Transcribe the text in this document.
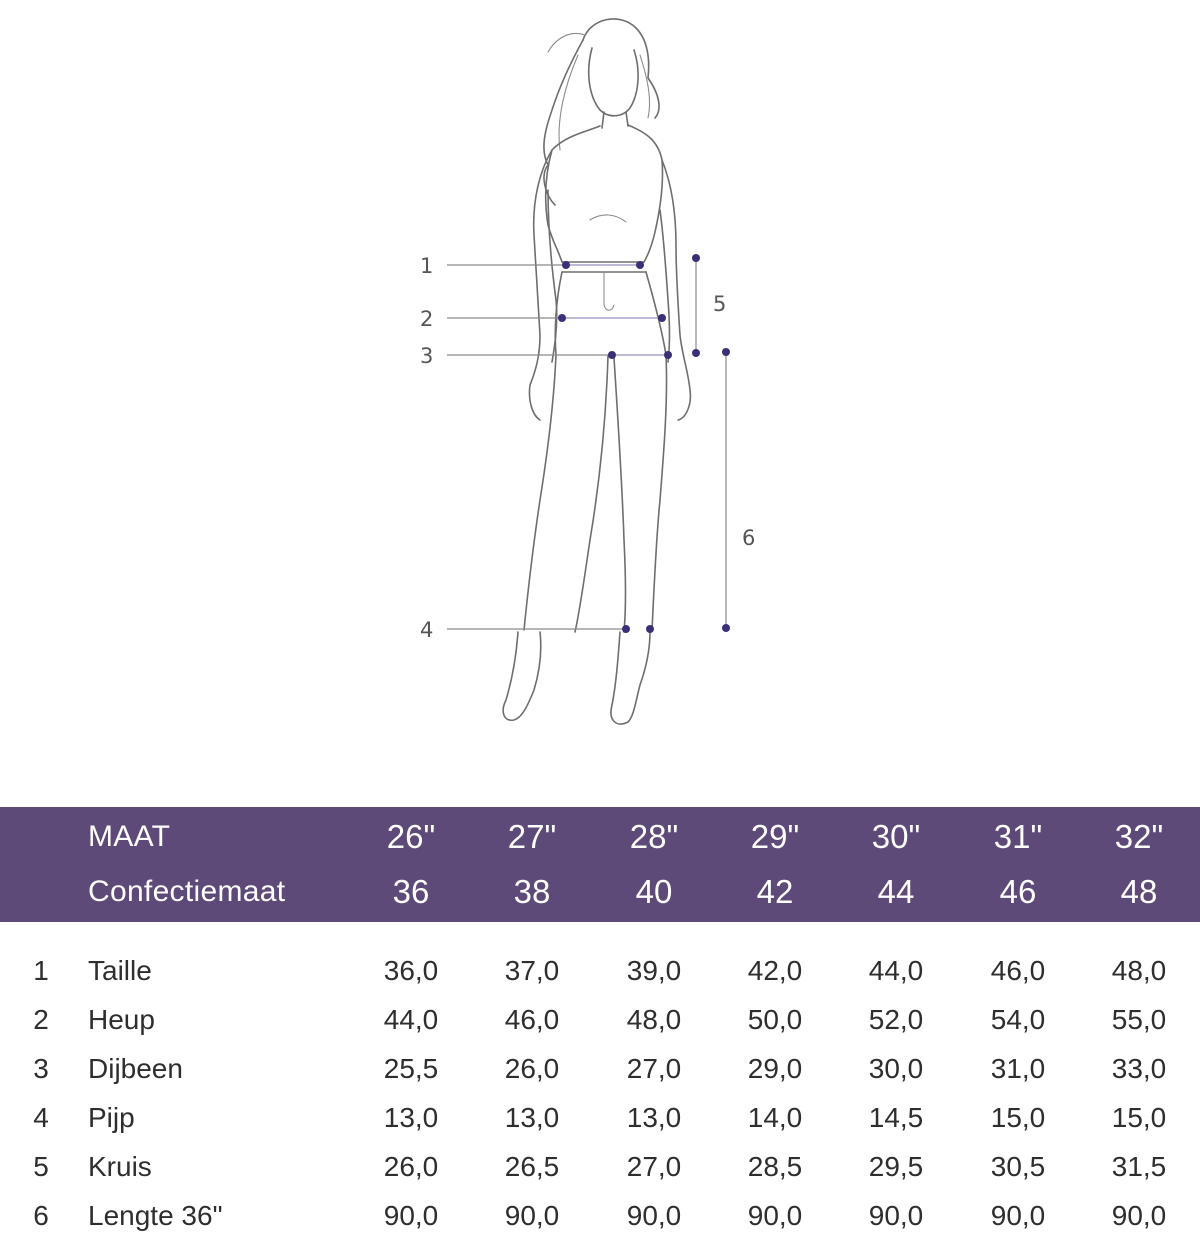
1
2
3
4
5
6
MAAT	26"	27"	28"	29"	30"	31"	32"
Confectiemaat	36	38	40	42	44	46	48
1 Taille	36,0	37,0	39,0	42,0	44,0	46,0	48,0
2 Heup	44,0	46,0	48,0	50,0	52,0	54,0	55,0
3 Dijbeen	25,5	26,0	27,0	29,0	30,0	31,0	33,0
4 Pijp	13,0	13,0	13,0	14,0	14,5	15,0	15,0
5 Kruis	26,0	26,5	27,0	28,5	29,5	30,5	31,5
6 Lengte 36"	90,0	90,0	90,0	90,0	90,0	90,0	90,0
